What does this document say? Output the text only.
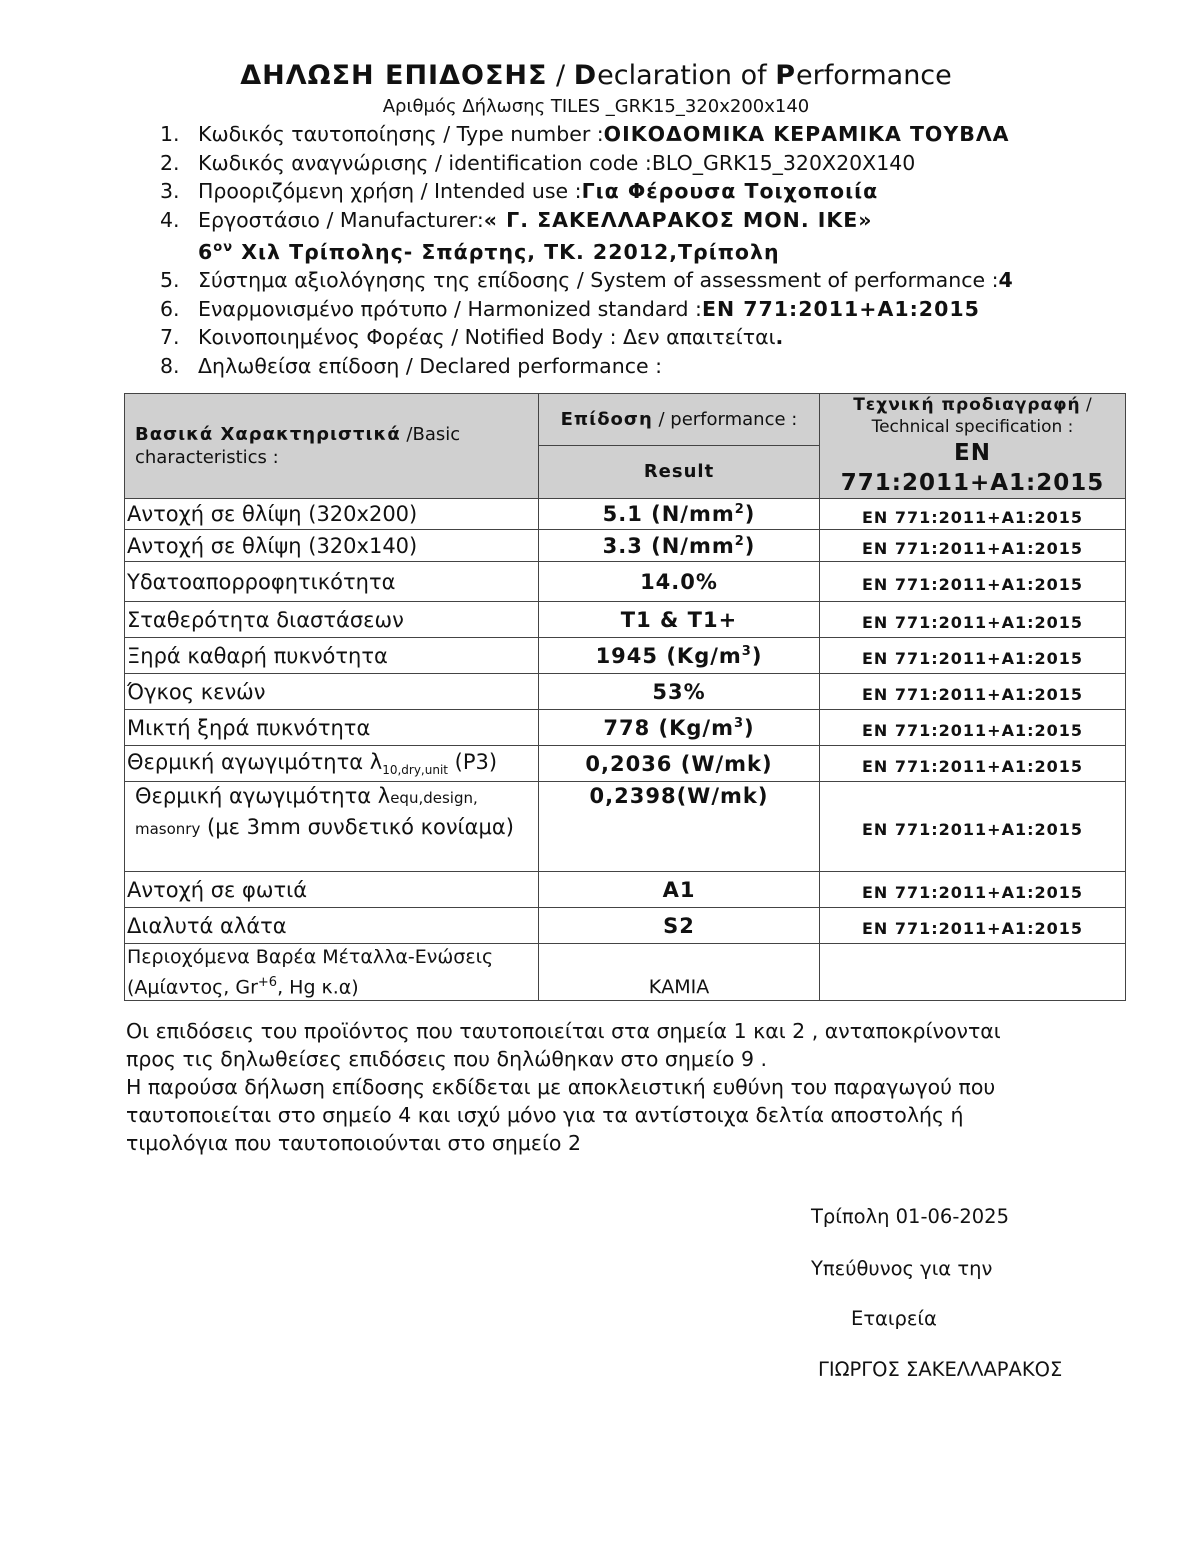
ΔΗΛΩΣΗ ΕΠΙΔΟΣΗΣ / Declaration of Performance
Αριθμός Δήλωσης TILES _GRK15_320x200x140
1. Κωδικός ταυτοποίησης / Type number : ΟΙΚΟΔΟΜΙΚΑ ΚΕΡΑΜΙΚΑ ΤΟΥΒΛΑ
2. Κωδικός αναγνώρισης / identification code : BLO_GRK15_320X20X140
3. Προοριζόμενη χρήση / Intended use : Για Φέρουσα Τοιχοποιία
4. Εργοστάσιο / Manufacturer: « Γ. ΣΑΚΕΛΛΑΡΑΚΟΣ ΜΟΝ. ΙΚΕ»
$6^{o\nu}$ Χιλ Τρίπολης- Σπάρτης, ΤΚ. 22012,Τρίπολη
5. Σύστημα αξιολόγησης της επίδοσης / System of assessment of performance : 4
6. Εναρμονισμένο πρότυπο / Harmonized standard : EN 771:2011+A1:2015
7. Κοινοποιημένος Φορέας / Notified Body : Δεν απαιτείται .
8. Δηλωθείσα επίδοση / Declared performance :
Βασικά Χαρακτηριστικά /Basic characteristics :	Επίδοση / performance :	Τεχνική προδιαγραφή /
Technical specification :
EN 771:2011+A1:2015

	Result	
Αντοχή σε θλίψη (320x200)	5.1 $(N/mm^2)$	EN 771:2011+A1:2015
Αντοχή σε θλίψη (320x140)	3.3 $(N/mm^2)$	EN 771:2011+A1:2015
Υδατοαπορροφητικότητα	14.0%	EN 771:2011+A1:2015
Σταθερότητα διαστάσεων	T1 & T1+	EN 771:2011+A1:2015
Ξηρά καθαρή πυκνότητα	1945 $(Kg/m^3)$	EN 771:2011+A1:2015
Όγκος κενών	53%	EN 771:2011+A1:2015
Μικτή ξηρά πυκνότητα	778 $(Kg/m^3)$	EN 771:2011+A1:2015
Θερμική αγωγιμότητα $\lambda_{10,dry,unit}$ (P3)	0,2036 (W/mk)	EN 771:2011+A1:2015
Θερμική αγωγιμότητα λequ,design,
masonry (με 3mm συνδετικό κονίαμα)	0,2398(W/mk)	EN 771:2011+A1:2015
Αντοχή σε φωτιά	A1	EN 771:2011+A1:2015
Διαλυτά αλάτα	S2	EN 771:2011+A1:2015
Περιοχόμενα Βαρέα Μέταλλα-Ενώσεις
(Αμίαντος, $Gr^{+6}$, Hg κ.α)	ΚΑΜΙΑ	
Οι επιδόσεις του προϊόντος που ταυτοποιείται στα σημεία 1 και 2 , ανταποκρίνονται
προς τις δηλωθείσες επιδόσεις που δηλώθηκαν στο σημείο 9 .
Η παρούσα δήλωση επίδοσης εκδίδεται με αποκλειστική ευθύνη του παραγωγού που
ταυτοποιείται στο σημείο 4 και ισχύ μόνο για τα αντίστοιχα δελτία αποστολής ή
τιμολόγια που ταυτοποιούνται στο σημείο 2
Τρίπολη 01-06-2025
Υπεύθυνος για την
Εταιρεία
ΓΙΩΡΓΟΣ ΣΑΚΕΛΛΑΡΑΚΟΣ
